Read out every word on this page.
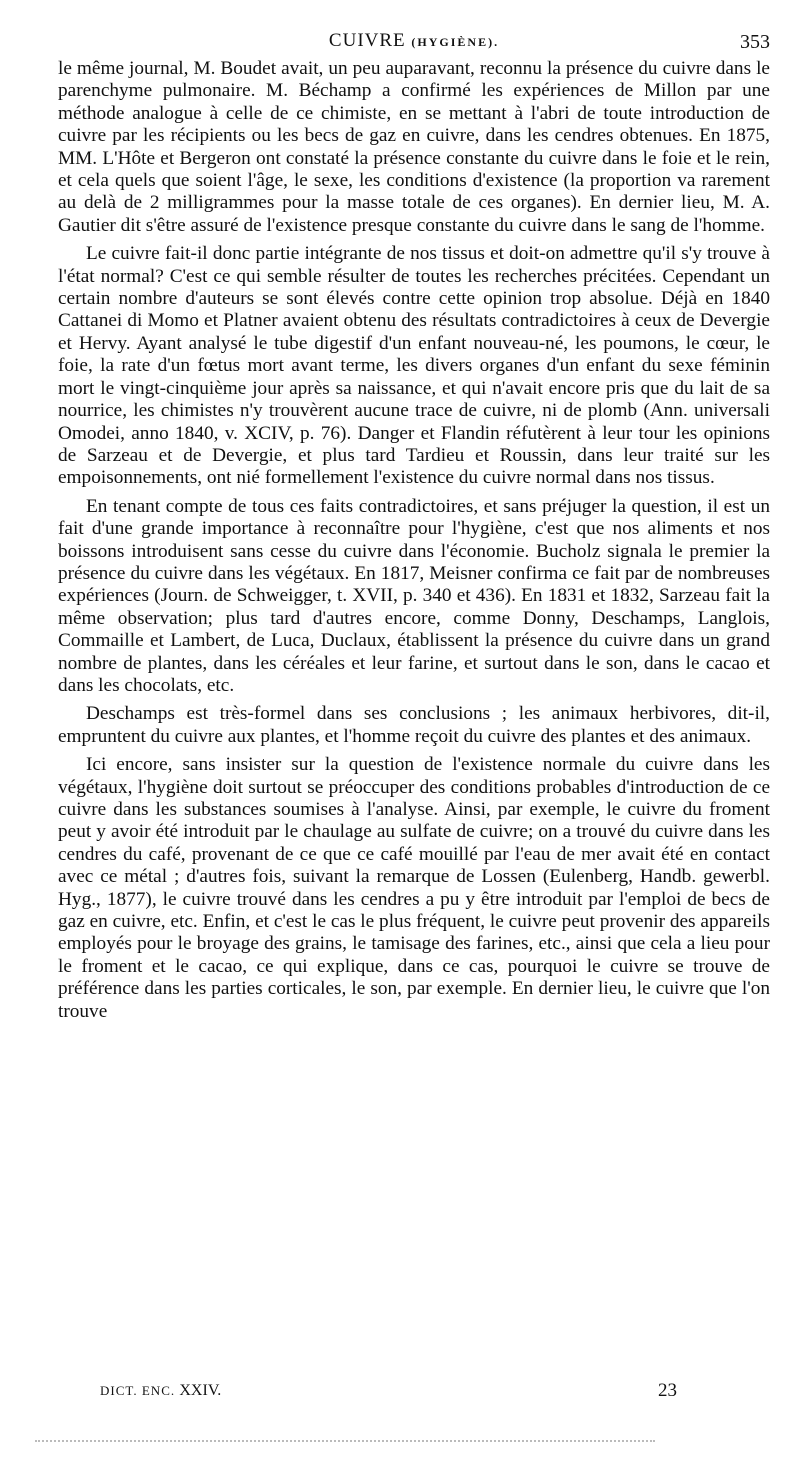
CUIVRE (HYGIÈNE).	353

le même journal, M. Boudet avait, un peu auparavant, reconnu la présence du cuivre dans le parenchyme pulmonaire. M. Béchamp a confirmé les expériences de Millon par une méthode analogue à celle de ce chimiste, en se mettant à l'abri de toute introduction de cuivre par les récipients ou les becs de gaz en cuivre, dans les cendres obtenues. En 1875, MM. L'Hôte et Bergeron ont constaté la présence constante du cuivre dans le foie et le rein, et cela quels que soient l'âge, le sexe, les conditions d'existence (la proportion va rarement au delà de 2 milligrammes pour la masse totale de ces organes). En dernier lieu, M. A. Gautier dit s'être assuré de l'existence presque constante du cuivre dans le sang de l'homme.

Le cuivre fait-il donc partie intégrante de nos tissus et doit-on admettre qu'il s'y trouve à l'état normal? C'est ce qui semble résulter de toutes les recherches précitées. Cependant un certain nombre d'auteurs se sont élevés contre cette opinion trop absolue. Déjà en 1840 Cattanei di Momo et Platner avaient obtenu des résultats contradictoires à ceux de Devergie et Hervy. Ayant analysé le tube digestif d'un enfant nouveau-né, les poumons, le cœur, le foie, la rate d'un fœtus mort avant terme, les divers organes d'un enfant du sexe féminin mort le vingt-cinquième jour après sa naissance, et qui n'avait encore pris que du lait de sa nourrice, les chimistes n'y trouvèrent aucune trace de cuivre, ni de plomb (Ann. universali Omodei, anno 1840, v. XCIV, p. 76). Danger et Flandin réfutèrent à leur tour les opinions de Sarzeau et de Devergie, et plus tard Tardieu et Roussin, dans leur traité sur les empoisonnements, ont nié formellement l'existence du cuivre normal dans nos tissus.

En tenant compte de tous ces faits contradictoires, et sans préjuger la question, il est un fait d'une grande importance à reconnaître pour l'hygiène, c'est que nos aliments et nos boissons introduisent sans cesse du cuivre dans l'économie. Bucholz signala le premier la présence du cuivre dans les végétaux. En 1817, Meisner confirma ce fait par de nombreuses expériences (Journ. de Schweigger, t. XVII, p. 340 et 436). En 1831 et 1832, Sarzeau fait la même observation; plus tard d'autres encore, comme Donny, Deschamps, Langlois, Commaille et Lambert, de Luca, Duclaux, établissent la présence du cuivre dans un grand nombre de plantes, dans les céréales et leur farine, et surtout dans le son, dans le cacao et dans les chocolats, etc.

Deschamps est très-formel dans ses conclusions ; les animaux herbivores, dit-il, empruntent du cuivre aux plantes, et l'homme reçoit du cuivre des plantes et des animaux.

Ici encore, sans insister sur la question de l'existence normale du cuivre dans les végétaux, l'hygiène doit surtout se préoccuper des conditions probables d'introduction de ce cuivre dans les substances soumises à l'analyse. Ainsi, par exemple, le cuivre du froment peut y avoir été introduit par le chaulage au sulfate de cuivre; on a trouvé du cuivre dans les cendres du café, provenant de ce que ce café mouillé par l'eau de mer avait été en contact avec ce métal ; d'autres fois, suivant la remarque de Lossen (Eulenberg, Handb. gewerbl. Hyg., 1877), le cuivre trouvé dans les cendres a pu y être introduit par l'emploi de becs de gaz en cuivre, etc. Enfin, et c'est le cas le plus fréquent, le cuivre peut provenir des appareils employés pour le broyage des grains, le tamisage des farines, etc., ainsi que cela a lieu pour le froment et le cacao, ce qui explique, dans ce cas, pourquoi le cuivre se trouve de préférence dans les parties corticales, le son, par exemple. En dernier lieu, le cuivre que l'on trouve

DICT. ENC. XXIV.	23
